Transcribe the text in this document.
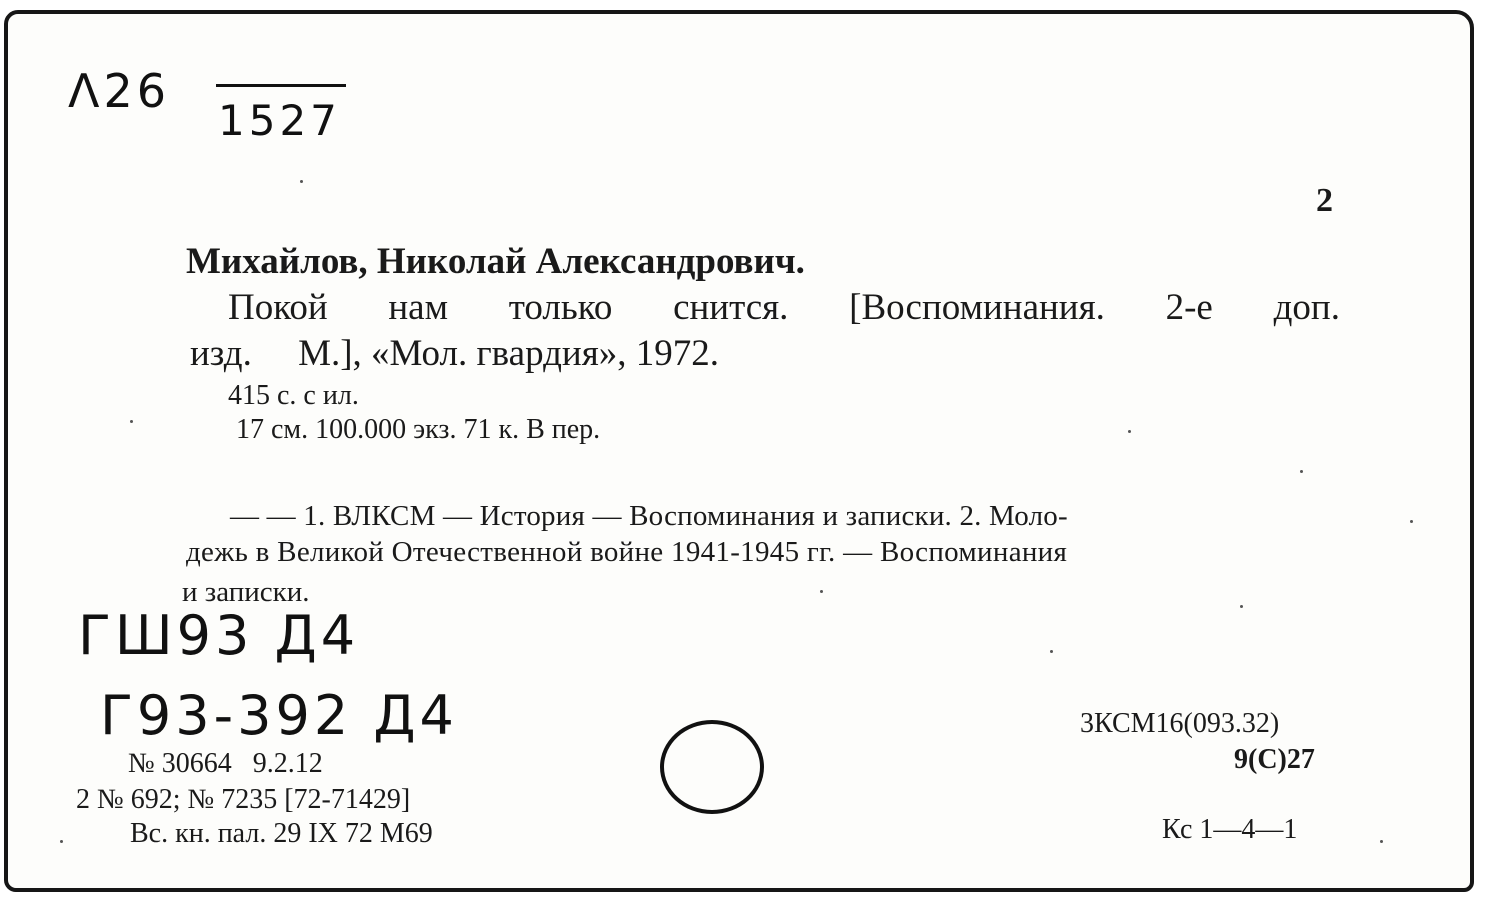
Λ26
1527
2
Михайлов, Николай Александрович.
Покой нам только снится. [Воспоминания. 2-е доп.
изд.     М.], «Мол. гвардия», 1972.
415 с. с ил.
17 см. 100.000 экз. 71 к. В пер.
— — 1. ВЛКСМ — История — Воспоминания и записки. 2. Моло-
дежь в Великой Отечественной войне 1941-1945 гг. — Воспоминания
и записки.
ГШ93 Д4
Г93-392 Д4
№ 30664   9.2.12
2 № 692; № 7235 [72-71429]
Вс. кн. пал. 29 IX 72 М69
3КСМ16(093.32)
9(С)27
Кс 1—4—1
